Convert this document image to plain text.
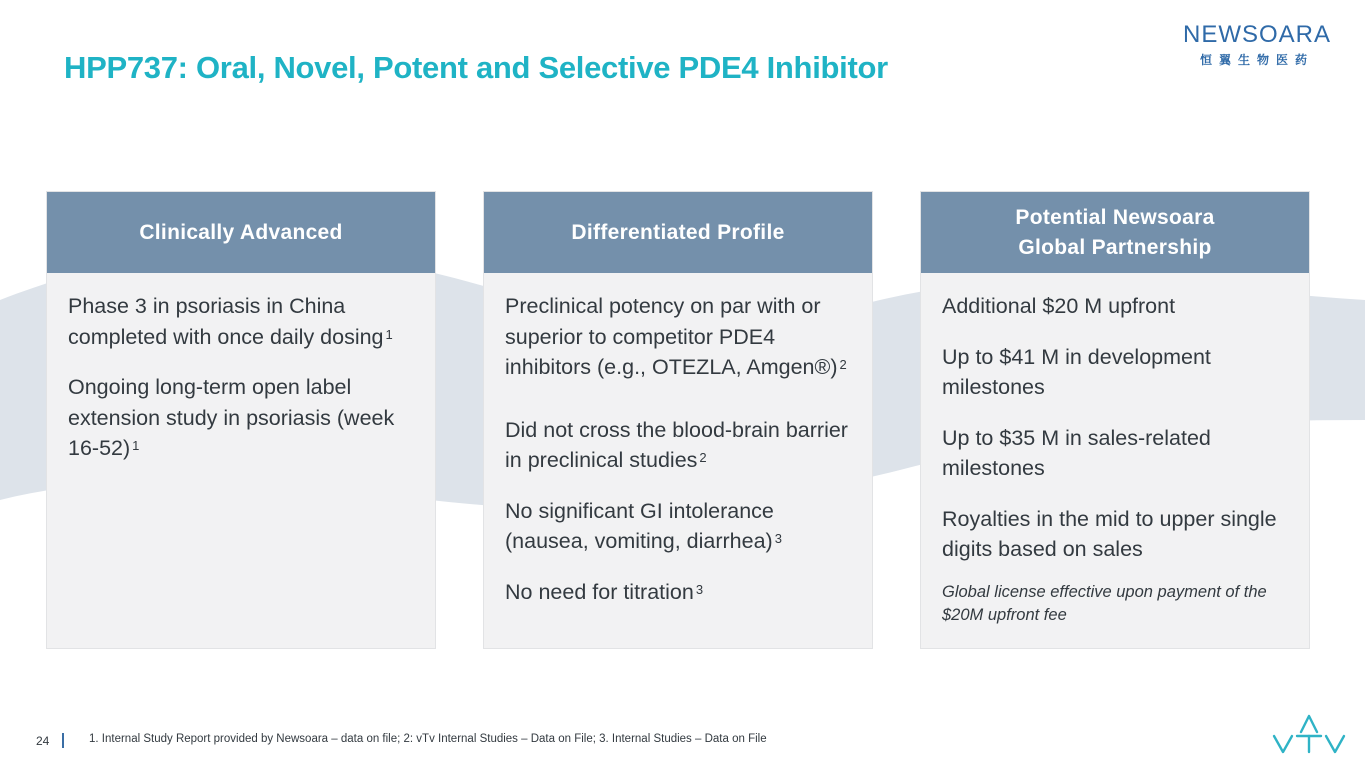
HPP737: Oral, Novel, Potent and Selective PDE4 Inhibitor
NEWSOARA
恒翼生物医药
Clinically Advanced

Phase 3 in psoriasis in China completed with once daily dosing $^1$

Ongoing long-term open label extension study in psoriasis (week 16-52) $^1$

Differentiated Profile

Preclinical potency on par with or superior to competitor PDE4 inhibitors (e.g., OTEZLA, Amgen®) $^2$

Did not cross the blood-brain barrier in preclinical studies $^2$

No significant GI intolerance (nausea, vomiting, diarrhea) $^3$

No need for titration $^3$

Potential Newsoara
Global Partnership

Additional $20 M upfront

Up to $41 M in development milestones

Up to $35 M in sales-related milestones

Royalties in the mid to upper single digits based on sales

Global license effective upon payment of the $20M upfront fee

24	1. Internal Study Report provided by Newsoara – data on file; 2: vTv Internal Studies – Data on File; 3. Internal Studies – Data on File
